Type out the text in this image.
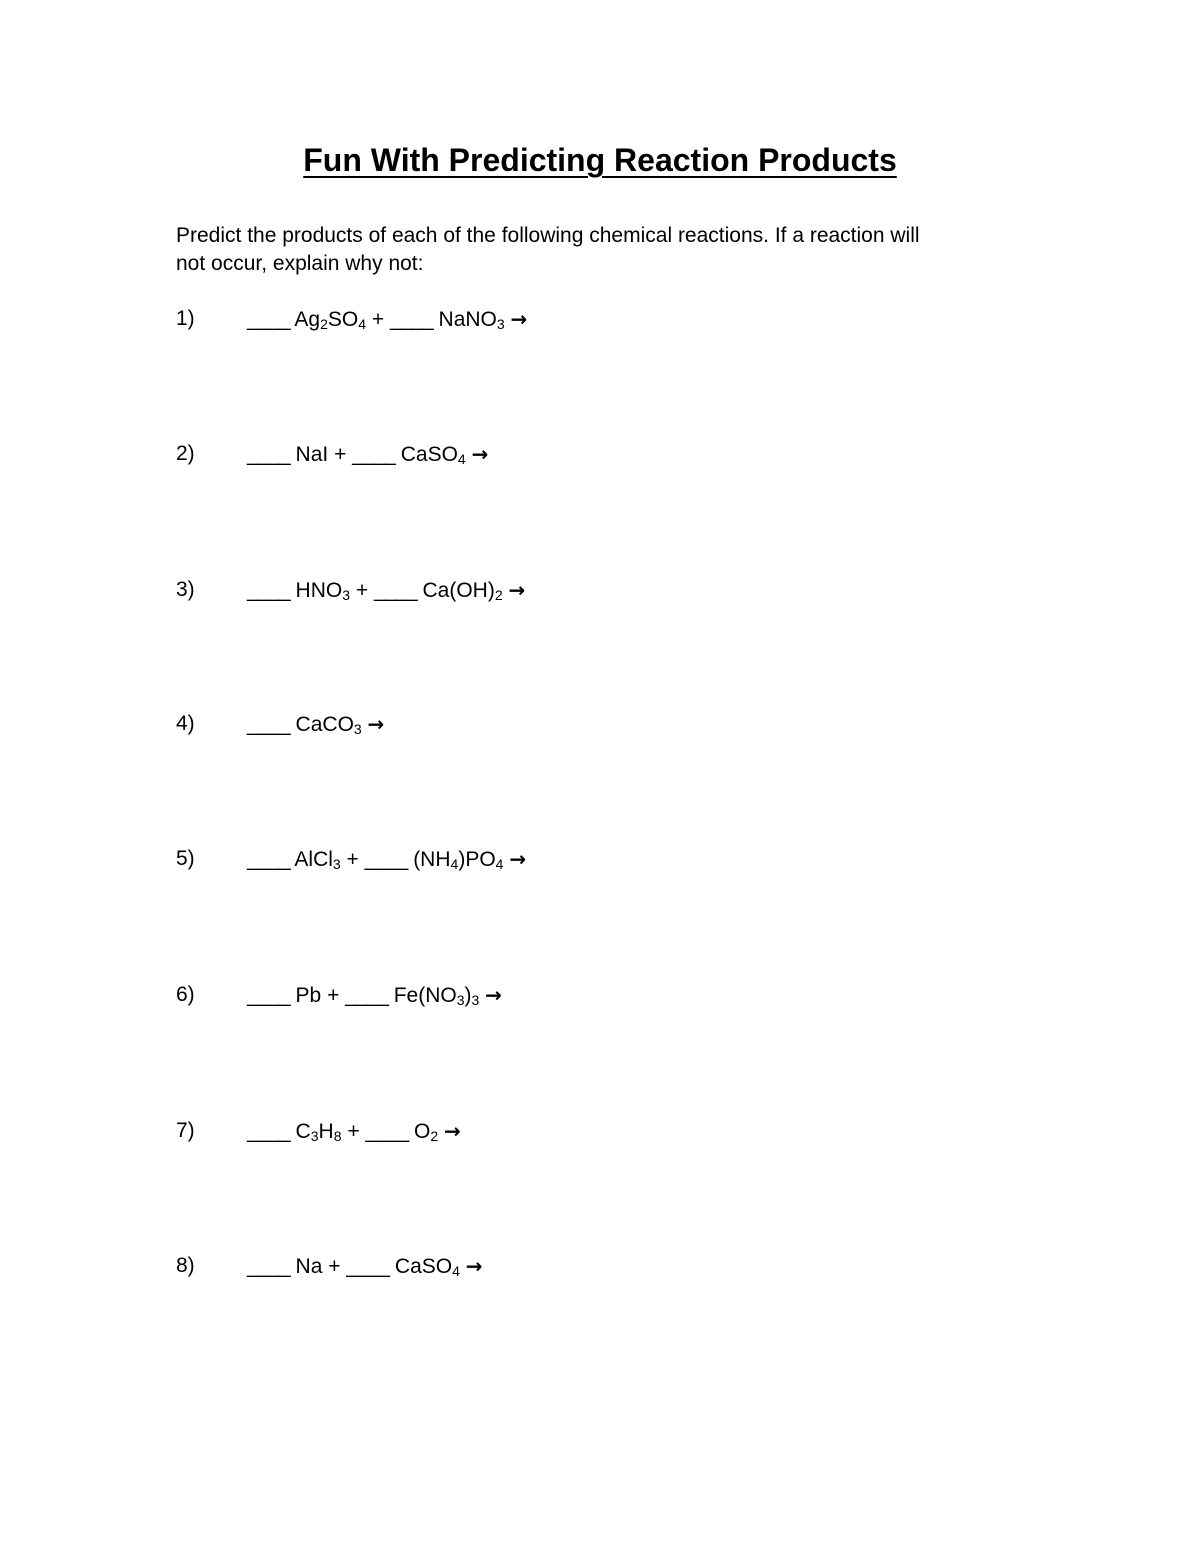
Fun With Predicting Reaction Products
Predict the products of each of the following chemical reactions. If a reaction will
not occur, explain why not:
1) ____ $Ag_2SO_4$ + ____ NaNO$_3$ →
2) ____ NaI + ____ CaSO$_4$ →
3) ____ $HNO_3$ + ____ $Ca(OH)_2$ →
4) ____ CaCO$_3$ →
5) ____ AlCl$_3$ + ____ $(NH_4)PO_4$ →
6) ____ Pb + ____ $Fe(NO_3)_3$ →
7) ____ $C_3H_8$ + ____ $O_2$ →
8) ____ Na + ____ CaSO$_4$ →
